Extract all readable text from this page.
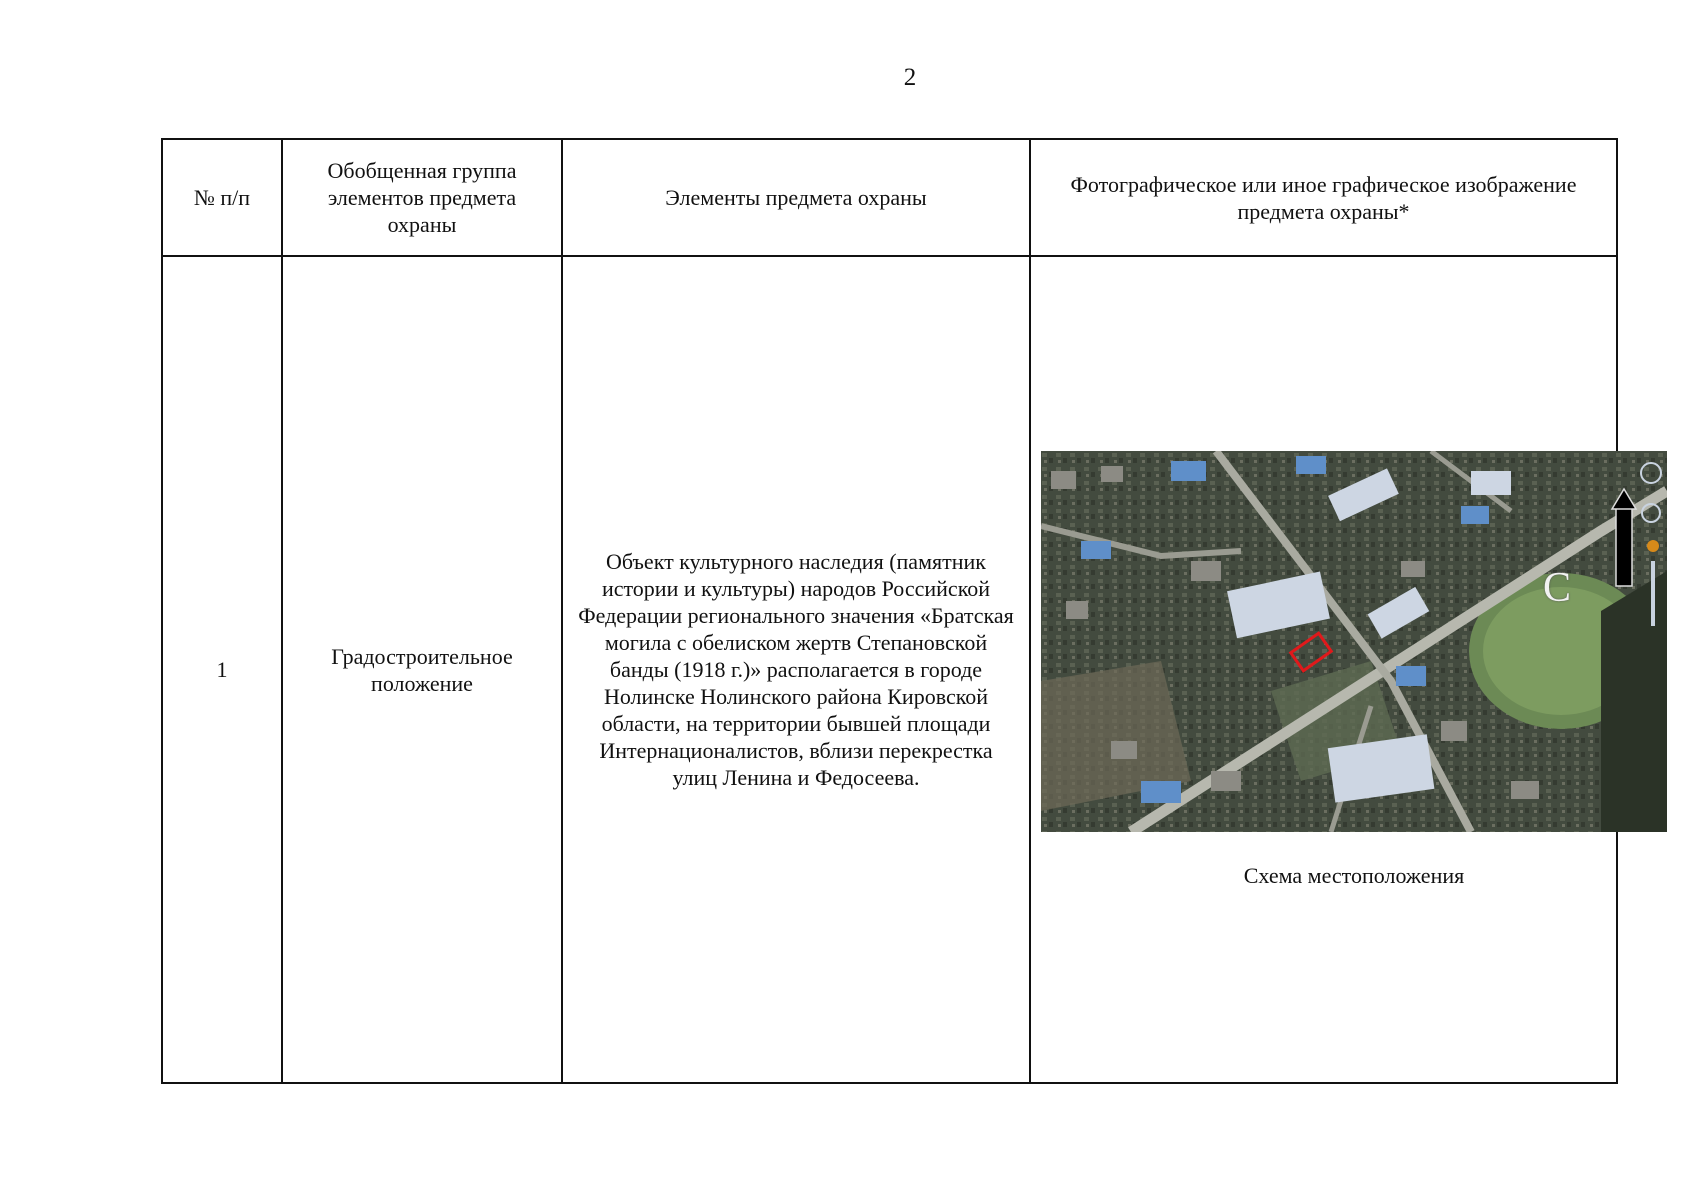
2
№ п/п	Обобщенная группа элементов предмета охраны	Элементы предмета охраны	Фотографическое или иное графическое изображение предмета охраны*
1	Градостроительное положение	Объект культурного наследия (памятник истории и культуры) народов Российской Федерации регионального значения «Братская могила с обелиском жертв Степановской банды (1918 г.)» располагается в городе Нолинске Нолинского района Кировской области, на территории бывшей площади Интернационалистов, вблизи перекрестка улиц Ленина и Федосеева.	Схема местоположения
С
